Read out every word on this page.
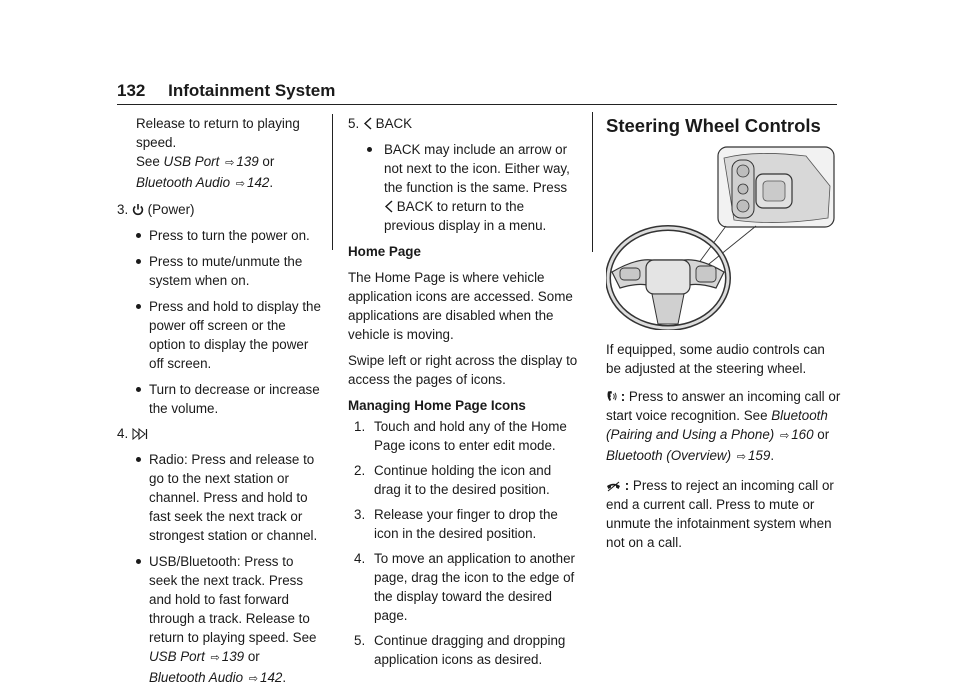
132 Infotainment System

Release to return to playing speed.
See USB Port ⇨ 139 or
Bluetooth Audio ⇨ 142.

3. (Power)

Press to turn the power on.
Press to mute/unmute the system when on.
Press and hold to display the power off screen or the option to display the power off screen.
Turn to decrease or increase the volume.

4.

Radio: Press and release to go to the next station or channel. Press and hold to fast seek the next track or strongest station or channel.
USB/Bluetooth: Press to seek the next track. Press and hold to fast forward through a track. Release to return to playing speed. See USB Port ⇨ 139 or
Bluetooth Audio ⇨ 142.

5. BACK

BACK may include an arrow or not next to the icon. Either way, the function is the same. Press  BACK to return to the previous display in a menu.

Home Page

The Home Page is where vehicle application icons are accessed. Some applications are disabled when the vehicle is moving.

Swipe left or right across the display to access the pages of icons.

Managing Home Page Icons

1. Touch and hold any of the Home Page icons to enter edit mode.
2. Continue holding the icon and drag it to the desired position.
3. Release your finger to drop the icon in the desired position.
4. To move an application to another page, drag the icon to the edge of the display toward the desired page.
5. Continue dragging and dropping application icons as desired.

Steering Wheel Controls

If equipped, some audio controls can be adjusted at the steering wheel.

: Press to answer an incoming call or start voice recognition. See Bluetooth (Pairing and Using a Phone) ⇨ 160 or
Bluetooth (Overview) ⇨ 159.

: Press to reject an incoming call or end a current call. Press to mute or unmute the infotainment system when not on a call.
